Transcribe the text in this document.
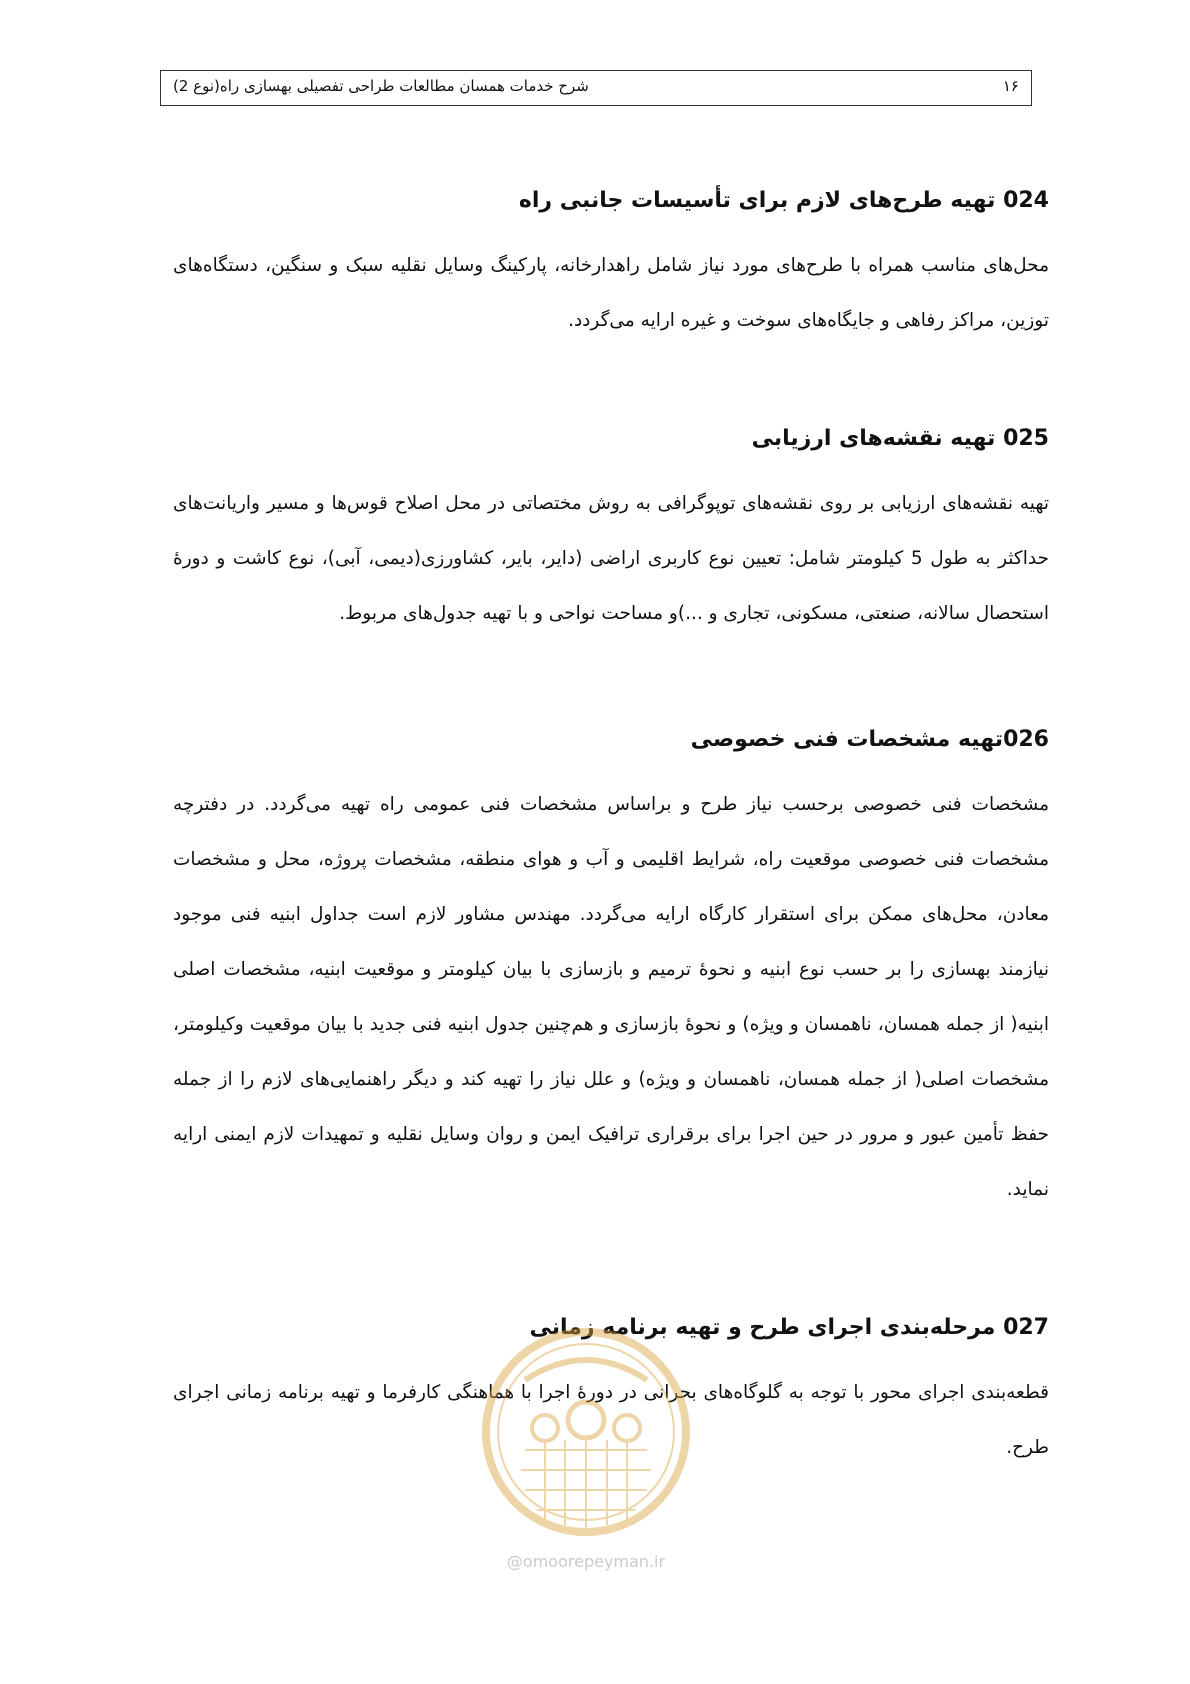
شرح خدمات همسان مطالعات طراحی تفصیلی بهسازی راه(نوع 2)	۱۶
024 تهیه طرح‌های لازم برای تأسیسات جانبی راه

محل‌های مناسب همراه با طرح‌های مورد نیاز شامل راهدارخانه، پارکینگ وسایل نقلیه سبک و سنگین، دستگاه‌های توزین، مراکز رفاهی و جایگاه‌های سوخت و غیره ارایه می‌گردد.

025 تهیه نقشه‌های ارزیابی

تهیه نقشه‌های ارزیابی بر روی نقشه‌های توپوگرافی به روش مختصاتی در محل اصلاح قوس‌ها و مسیر واریانت‌های حداکثر به طول 5 کیلومتر شامل: تعیین نوع کاربری اراضی (دایر، بایر، کشاورزی(دیمی، آبی)، نوع کاشت و دورهٔ استحصال سالانه، صنعتی، مسکونی، تجاری و ...)و مساحت نواحی و با تهیه جدول‌های مربوط.

026تهیه مشخصات فنی خصوصی

مشخصات فنی خصوصی برحسب نیاز طرح و براساس مشخصات فنی عمومی راه تهیه می‌گردد. در دفترچه مشخصات فنی خصوصی موقعیت راه، شرایط اقلیمی و آب و هوای منطقه، مشخصات پروژه، محل و مشخصات معادن، محل‌های ممکن برای استقرار کارگاه ارایه می‌گردد. مهندس مشاور لازم است جداول ابنیه فنی موجود نیازمند بهسازی را بر حسب نوع ابنیه و نحوهٔ ترمیم و بازسازی با بیان کیلومتر و موقعیت ابنیه، مشخصات اصلی ابنیه( از جمله همسان، ناهمسان و ویژه) و نحوهٔ بازسازی و هم‌چنین جدول ابنیه فنی جدید با بیان موقعیت وکیلومتر، مشخصات اصلی( از جمله همسان، ناهمسان و ویژه) و علل نیاز را تهیه کند و دیگر راهنمایی‌های لازم را از جمله حفظ تأمین عبور و مرور در حین اجرا برای برقراری ترافیک ایمن و روان وسایل نقلیه و تمهیدات لازم ایمنی ارایه نماید.

027 مرحله‌بندی اجرای طرح و تهیه برنامه زمانی

قطعه‌بندی اجرای محور با توجه به گلوگاه‌های بحرانی در دورهٔ اجرا با هماهنگی کارفرما و تهیه برنامه زمانی اجرای طرح.

@omoorepeyman.ir
